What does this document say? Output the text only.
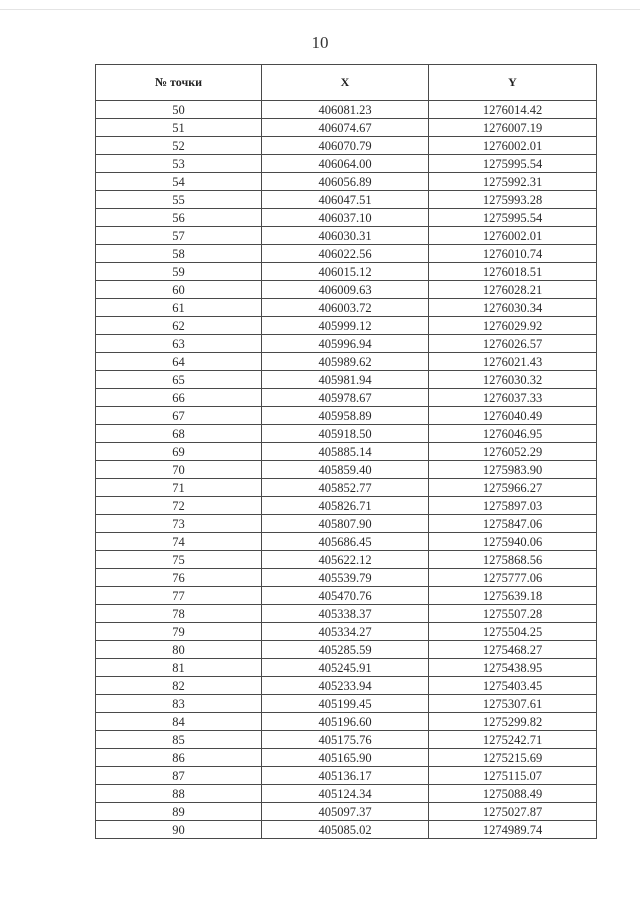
10
№ точки	X	Y
50	406081.23	1276014.42
51	406074.67	1276007.19
52	406070.79	1276002.01
53	406064.00	1275995.54
54	406056.89	1275992.31
55	406047.51	1275993.28
56	406037.10	1275995.54
57	406030.31	1276002.01
58	406022.56	1276010.74
59	406015.12	1276018.51
60	406009.63	1276028.21
61	406003.72	1276030.34
62	405999.12	1276029.92
63	405996.94	1276026.57
64	405989.62	1276021.43
65	405981.94	1276030.32
66	405978.67	1276037.33
67	405958.89	1276040.49
68	405918.50	1276046.95
69	405885.14	1276052.29
70	405859.40	1275983.90
71	405852.77	1275966.27
72	405826.71	1275897.03
73	405807.90	1275847.06
74	405686.45	1275940.06
75	405622.12	1275868.56
76	405539.79	1275777.06
77	405470.76	1275639.18
78	405338.37	1275507.28
79	405334.27	1275504.25
80	405285.59	1275468.27
81	405245.91	1275438.95
82	405233.94	1275403.45
83	405199.45	1275307.61
84	405196.60	1275299.82
85	405175.76	1275242.71
86	405165.90	1275215.69
87	405136.17	1275115.07
88	405124.34	1275088.49
89	405097.37	1275027.87
90	405085.02	1274989.74
